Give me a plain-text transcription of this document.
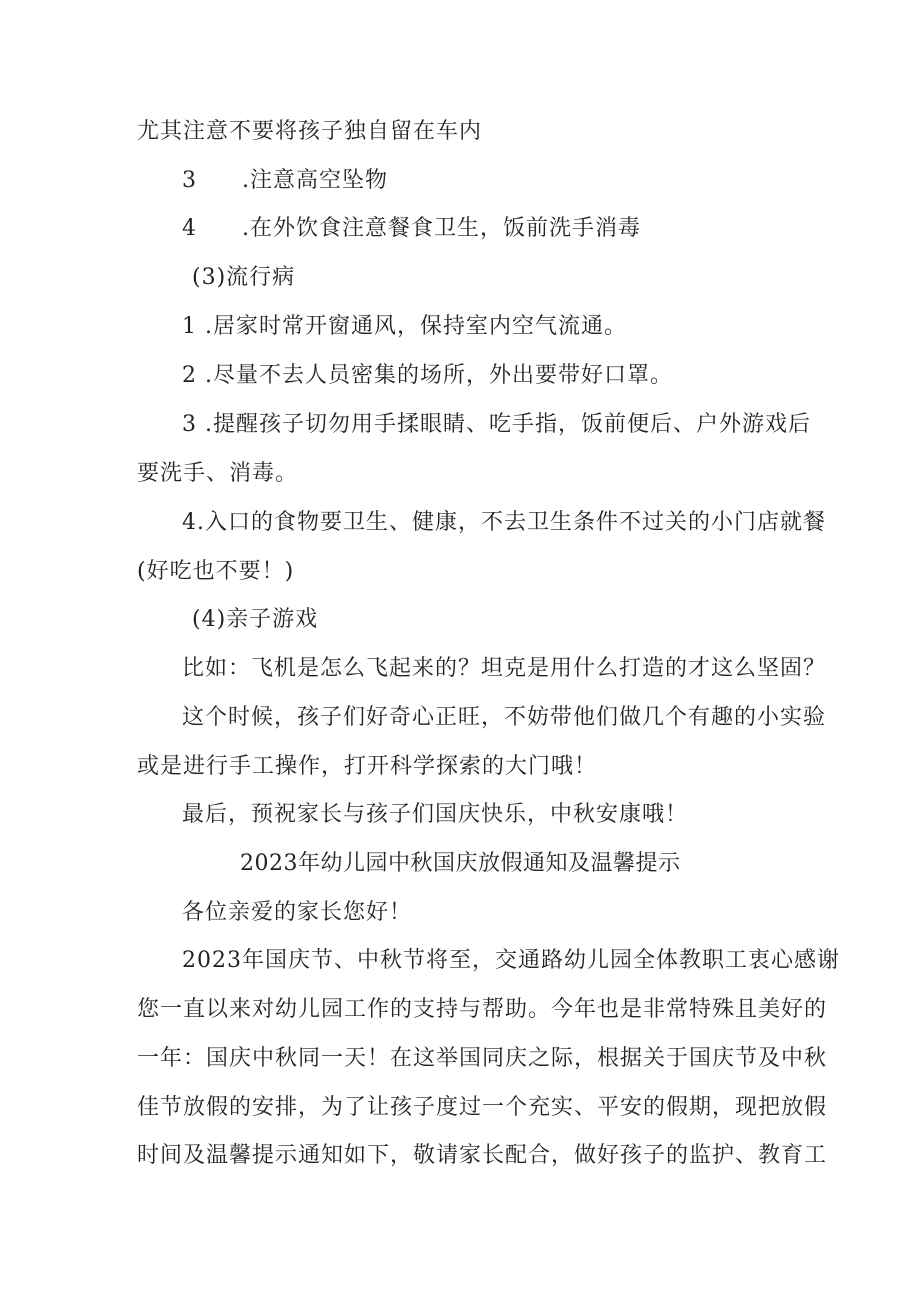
尤其注意不要将孩子独自留在车内
3 .注意高空坠物
4 .在外饮食注意餐食卫生，饭前洗手消毒
(3)流行病
1 .居家时常开窗通风，保持室内空气流通。
2 .尽量不去人员密集的场所，外出要带好口罩。
3 .提醒孩子切勿用手揉眼睛、吃手指，饭前便后、户外游戏后
要洗手、消毒。
4.入口的食物要卫生、健康，不去卫生条件不过关的小门店就餐
(好吃也不要！)
(4)亲子游戏
比如：飞机是怎么飞起来的？坦克是用什么打造的才这么坚固？
这个时候，孩子们好奇心正旺，不妨带他们做几个有趣的小实验
或是进行手工操作，打开科学探索的大门哦！
最后，预祝家长与孩子们国庆快乐，中秋安康哦！
2023年幼儿园中秋国庆放假通知及温馨提示
各位亲爱的家长您好！
2023年国庆节、中秋节将至，交通路幼儿园全体教职工衷心感谢
您一直以来对幼儿园工作的支持与帮助。今年也是非常特殊且美好的
一年：国庆中秋同一天！在这举国同庆之际，根据关于国庆节及中秋
佳节放假的安排，为了让孩子度过一个充实、平安的假期，现把放假
时间及温馨提示通知如下，敬请家长配合，做好孩子的监护、教育工
